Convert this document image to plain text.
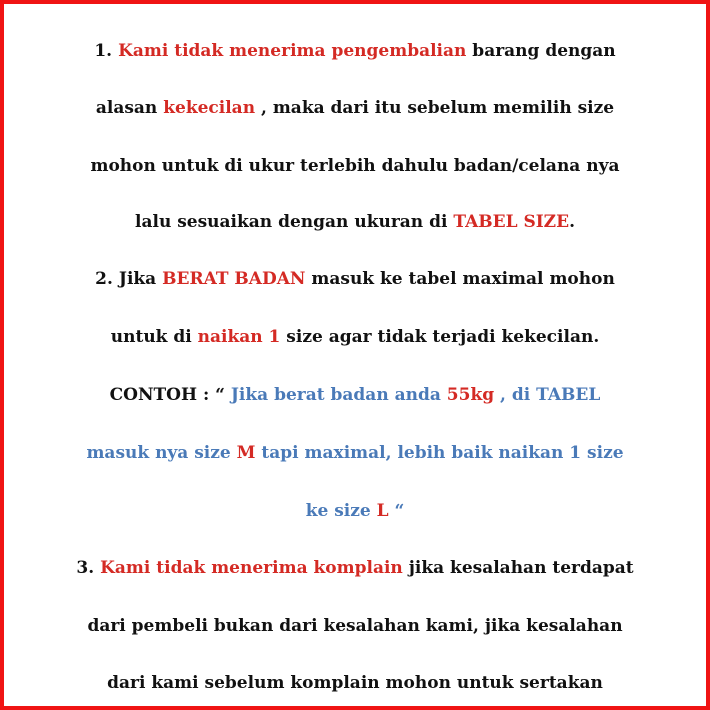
1. Kami tidak menerima pengembalian barang dengan
alasan kekecilan , maka dari itu sebelum memilih size
mohon untuk di ukur terlebih dahulu badan/celana nya
lalu sesuaikan dengan ukuran di TABEL SIZE.
2. Jika BERAT BADAN masuk ke tabel maximal mohon
untuk di naikan 1 size agar tidak terjadi kekecilan.
CONTOH : “ Jika berat badan anda 55kg , di TABEL
masuk nya size M tapi maximal, lebih baik naikan 1 size
ke size L “
3. Kami tidak menerima komplain jika kesalahan terdapat
dari pembeli bukan dari kesalahan kami, jika kesalahan
dari kami sebelum komplain mohon untuk sertakan
